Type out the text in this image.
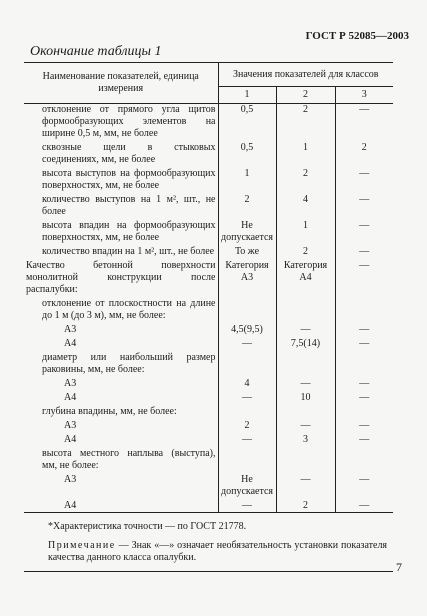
ГОСТ Р 52085—2003
Окончание таблицы 1
Наименование показателей, единица измерения	Значения показателей для классов		
	1	2	3
отклонение от прямого угла щитов формообразующих элементов на ширине 0,5 м, мм, не более	0,5	2	—
сквозные щели в стыковых соединениях, мм, не более	0,5	1	2
высота выступов на формообразующих поверхностях, мм, не более	1	2	—
количество выступов на 1 м², шт., не более	2	4	—
высота впадин на формообразующих поверхностях, мм, не более	Не допускается	1	—
количество впадин на 1 м², шт., не более	То же	2	—
Качество бетонной поверхности монолитной конструкции после распалубки:	Категория А3	Категория А4	—
отклонение от плоскостности на длине до 1 м (до 3 м), мм, не более:			
А3	4,5(9,5)	—	—
А4	—	7,5(14)	—
диаметр или наибольший размер раковины, мм, не более:			
А3	4	—	—
А4	—	10	—
глубина впадины, мм, не более:			
А3	2	—	—
А4	—	3	—
высота местного наплыва (выступа), мм, не более:			
А3	Не допускается	—	—
А4	—	2	—

*Характеристика точности — по ГОСТ 21778.
Примечание — Знак «—» означает необязательность установки показателя качества данного класса опалубки.			
7
